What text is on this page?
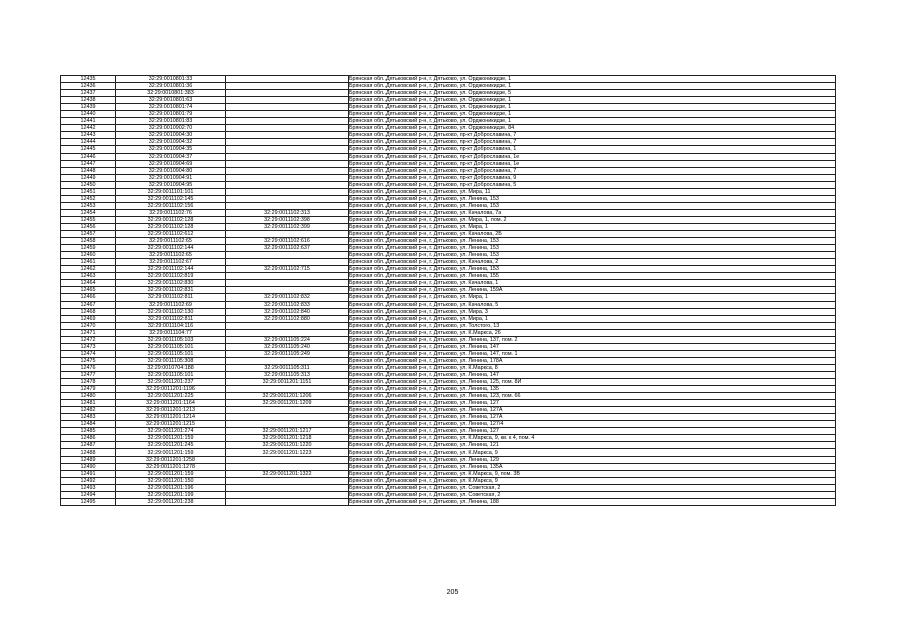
12435	32:29:0010801:33		Брянская обл.,Дятьковский р-н, г. Дятьково, ул. Орджоникидзе, 1
12436	32:29:0010801:36		Брянская обл.,Дятьковский р-н, г. Дятьково, ул. Орджоникидзе, 1
12437	32:29:0010801:383		Брянская обл.,Дятьковский р-н, г. Дятьково, ул. Орджоникидзе, 5
12438	32:29:0010801:63		Брянская обл.,Дятьковский р-н, г. Дятьково, ул. Орджоникидзе, 1
12439	32:29:0010801:74		Брянская обл.,Дятьковский р-н, г. Дятьково, ул. Орджоникидзе, 1
12440	32:29:0010801:79		Брянская обл.,Дятьковский р-н, г. Дятьково, ул. Орджоникидзе, 1
12441	32:29:0010801:83		Брянская обл.,Дятьковский р-н, г. Дятьково, ул. Орджоникидзе, 1
12442	32:29:0010902:70		Брянская обл.,Дятьковский р-н, г. Дятьково, ул. Орджоникидзе, 84
12443	32:29:0010904:30		Брянская обл.,Дятьковский р-н, г. Дятьково, пр-кт Доброславина, 7
12444	32:29:0010904:32		Брянская обл.,Дятьковский р-н, г. Дятьково, пр-кт Доброславина, 7
12445	32:29:0010904:35		Брянская обл.,Дятьковский р-н, г. Дятьково, пр-кт Доброславина, 1
12446	32:29:0010904:37		Брянская обл.,Дятьковский р-н, г. Дятьково, пр-кт Доброславина, 1е
12447	32:29:0010904:69		Брянская обл.,Дятьковский р-н, г. Дятьково, пр-кт Доброславина, 1е
12448	32:29:0010904:80		Брянская обл.,Дятьковский р-н, г. Дятьково, пр-кт Доброславина, 7
12449	32:29:0010904:91		Брянская обл.,Дятьковский р-н, г. Дятьково, пр-кт Доброславина, 9
12450	32:29:0010904:95		Брянская обл.,Дятьковский р-н, г. Дятьково, пр-кт Доброславина, 5
12451	32:29:0011101:101		Брянская обл.,Дятьковский р-н, г. Дятьково, ул. Мира, 11
12452	32:29:0011102:145		Брянская обл.,Дятьковский р-н, г. Дятьково, ул. Ленина, 153
12453	32:29:0011102:156		Брянская обл.,Дятьковский р-н, г. Дятьково, ул. Ленина, 153
12454	32:29:0011102:76	32:29:0011102:313	Брянская обл.,Дятьковский р-н, г. Дятьково, ул. Качалова, 7а
12455	32:29:0011102:128	32:29:0011102:398	Брянская обл.,Дятьковский р-н, г. Дятьково, ул. Мира, 1, пом. 2
12456	32:29:0011102:128	32:29:0011102:399	Брянская обл.,Дятьковский р-н, г. Дятьково, ул. Мира, 1
12457	32:29:0011102:612		Брянская обл.,Дятьковский р-н, г. Дятьково, ул. Качалова, 2Б
12458	32:29:0011102:65	32:29:0011102:616	Брянская обл.,Дятьковский р-н, г. Дятьково, ул. Ленина, 153
12459	32:29:0011102:144	32:29:0011102:637	Брянская обл.,Дятьковский р-н, г. Дятьково, ул. Ленина, 153
12460	32:29:0011102:65		Брянская обл.,Дятьковский р-н, г. Дятьково, ул. Ленина, 153
12461	32:29:0011102:67		Брянская обл.,Дятьковский р-н, г. Дятьково, ул. Качалова, 2
12462	32:29:0011102:144	32:29:0011102:715	Брянская обл.,Дятьковский р-н, г. Дятьково, ул. Ленина, 153
12463	32:29:0011102:819		Брянская обл.,Дятьковский р-н, г. Дятьково, ул. Ленина, 155
12464	32:29:0011102:830		Брянская обл.,Дятьковский р-н, г. Дятьково, ул. Качалова, 1
12465	32:29:0011102:831		Брянская обл.,Дятьковский р-н, г. Дятьково, ул. Ленина, 159А
12466	32:29:0011102:811	32:29:0011102:832	Брянская обл.,Дятьковский р-н, г. Дятьково, ул. Мира, 1
12467	32:29:0011102:69	32:29:0011102:833	Брянская обл.,Дятьковский р-н, г. Дятьково, ул. Качалова, 5
12468	32:29:0011102:130	32:29:0011102:840	Брянская обл.,Дятьковский р-н, г. Дятьково, ул. Мира, 3
12469	32:29:0011102:811	32:29:0011102:880	Брянская обл.,Дятьковский р-н, г. Дятьково, ул. Мира, 1
12470	32:29:0011104:116		Брянская обл.,Дятьковский р-н, г. Дятьково, ул. Толстого, 13
12471	32:29:0011104:77		Брянская обл.,Дятьковский р-н, г. Дятьково, ул. К.Маркса, 26
12472	32:29:0011105:103	32:29:0011105:224	Брянская обл.,Дятьковский р-н, г. Дятьково, ул. Ленина, 137, пом. 2
12473	32:29:0011105:101	32:29:0011105:240	Брянская обл.,Дятьковский р-н, г. Дятьково, ул. Ленина, 147
12474	32:29:0011105:101	32:29:0011105:249	Брянская обл.,Дятьковский р-н, г. Дятьково, ул. Ленина, 147, пом. 1
12475	32:29:0011105:308		Брянская обл.,Дятьковский р-н, г. Дятьково, ул. Ленина, 178А
12476	32:29:0010704:188	32:29:0011105:311	Брянская обл.,Дятьковский р-н, г. Дятьково, ул. К.Маркса, 8
12477	32:29:0011105:101	32:29:0011105:313	Брянская обл.,Дятьковский р-н, г. Дятьково, ул. Ленина, 147
12478	32:29:0011201:237	32:29:0011201:1151	Брянская обл.,Дятьковский р-н, г. Дятьково, ул. Ленина, 125, пом. 8И
12479	32:29:0011201:1196		Брянская обл.,Дятьковский р-н, г. Дятьково, ул. Ленина, 135
12480	32:29:0011201:225	32:29:0011201:1206	Брянская обл.,Дятьковский р-н, г. Дятьково, ул. Ленина, 123, пом. 66
12481	32:29:0011201:1164	32:29:0011201:1209	Брянская обл.,Дятьковский р-н, г. Дятьково, ул. Ленина, 127
12482	32:29:0011201:1213		Брянская обл.,Дятьковский р-н, г. Дятьково, ул. Ленина, 127А
12483	32:29:0011201:1214		Брянская обл.,Дятьковский р-н, г. Дятьково, ул. Ленина, 127А
12484	32:29:0011201:1215		Брянская обл.,Дятьковский р-н, г. Дятьково, ул. Ленина, 127/4
12485	32:29:0011201:274	32:29:0011201:1217	Брянская обл.,Дятьковский р-н, г. Дятьково, ул. Ленина, 127
12486	32:29:0011201:159	32:29:0011201:1218	Брянская обл.,Дятьковский р-н, г. Дятьково, ул. К.Маркса, 9, кв. к 4, пом. 4
12487	32:29:0011201:245	32:29:0011201:1220	Брянская обл.,Дятьковский р-н, г. Дятьково, ул. Ленина, 121
12488	32:29:0011201:159	32:29:0011201:1223	Брянская обл.,Дятьковский р-н, г. Дятьково, ул. К.Маркса, 9
12489	32:29:0011201:1258		Брянская обл.,Дятьковский р-н, г. Дятьково, ул. Ленина, 129
12490	32:29:0011201:1278		Брянская обл.,Дятьковский р-н, г. Дятьково, ул. Ленина, 135А
12491	32:29:0011201:159	32:29:0011201:1322	Брянская обл.,Дятьковский р-н, г. Дятьково, ул. К.Маркса, 9, пом. 3В
12492	32:29:0011201:150		Брянская обл.,Дятьковский р-н, г. Дятьково, ул. К.Маркса, 9
12493	32:29:0011201:196		Брянская обл.,Дятьковский р-н, г. Дятьково, ул. Советская, 2
12494	32:29:0011201:199		Брянская обл.,Дятьковский р-н, г. Дятьково, ул. Советская, 2
12495	32:29:0011201:238		Брянская обл.,Дятьковский р-н, г. Дятьково, ул. Ленина, 188
205
